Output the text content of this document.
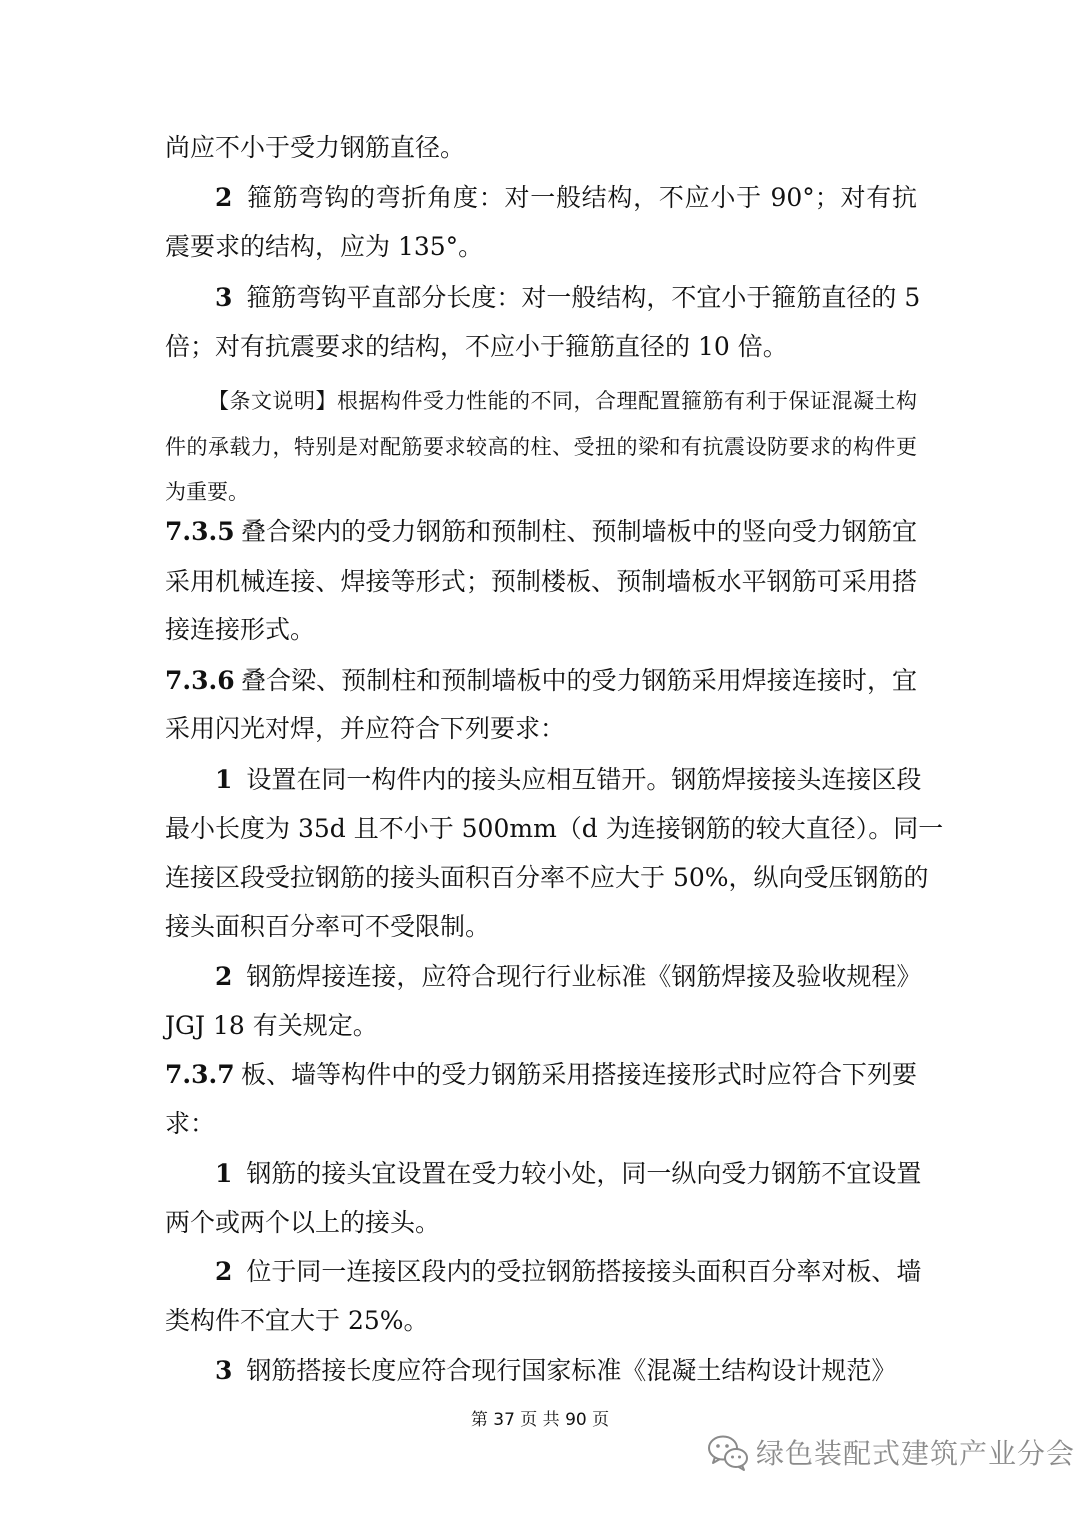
尚应不小于受力钢筋直径。
2 箍筋弯钩的弯折角度：对一般结构，不应小于 90°；对有抗
震要求的结构，应为 135°。
3 箍筋弯钩平直部分长度：对一般结构，不宜小于箍筋直径的 5
倍；对有抗震要求的结构，不应小于箍筋直径的 10 倍。
【条文说明】根据构件受力性能的不同，合理配置箍筋有利于保证混凝土构
件的承载力，特别是对配筋要求较高的柱、受扭的梁和有抗震设防要求的构件更
为重要。
7.3.5 叠合梁内的受力钢筋和预制柱、预制墙板中的竖向受力钢筋宜
采用机械连接、焊接等形式；预制楼板、预制墙板水平钢筋可采用搭
接连接形式。
7.3.6 叠合梁、预制柱和预制墙板中的受力钢筋采用焊接连接时，宜
采用闪光对焊，并应符合下列要求：
1 设置在同一构件内的接头应相互错开。钢筋焊接接头连接区段
最小长度为 35d 且不小于 500mm（d 为连接钢筋的较大直径）。同一
连接区段受拉钢筋的接头面积百分率不应大于 50%，纵向受压钢筋的
接头面积百分率可不受限制。
2 钢筋焊接连接，应符合现行行业标准《钢筋焊接及验收规程》
JGJ 18 有关规定。
7.3.7 板、墙等构件中的受力钢筋采用搭接连接形式时应符合下列要
求：
1 钢筋的接头宜设置在受力较小处，同一纵向受力钢筋不宜设置
两个或两个以上的接头。
2 位于同一连接区段内的受拉钢筋搭接接头面积百分率对板、墙
类构件不宜大于 25%。
3 钢筋搭接长度应符合现行国家标准《混凝土结构设计规范》
第 37 页 共 90 页
绿色装配式建筑产业分会
